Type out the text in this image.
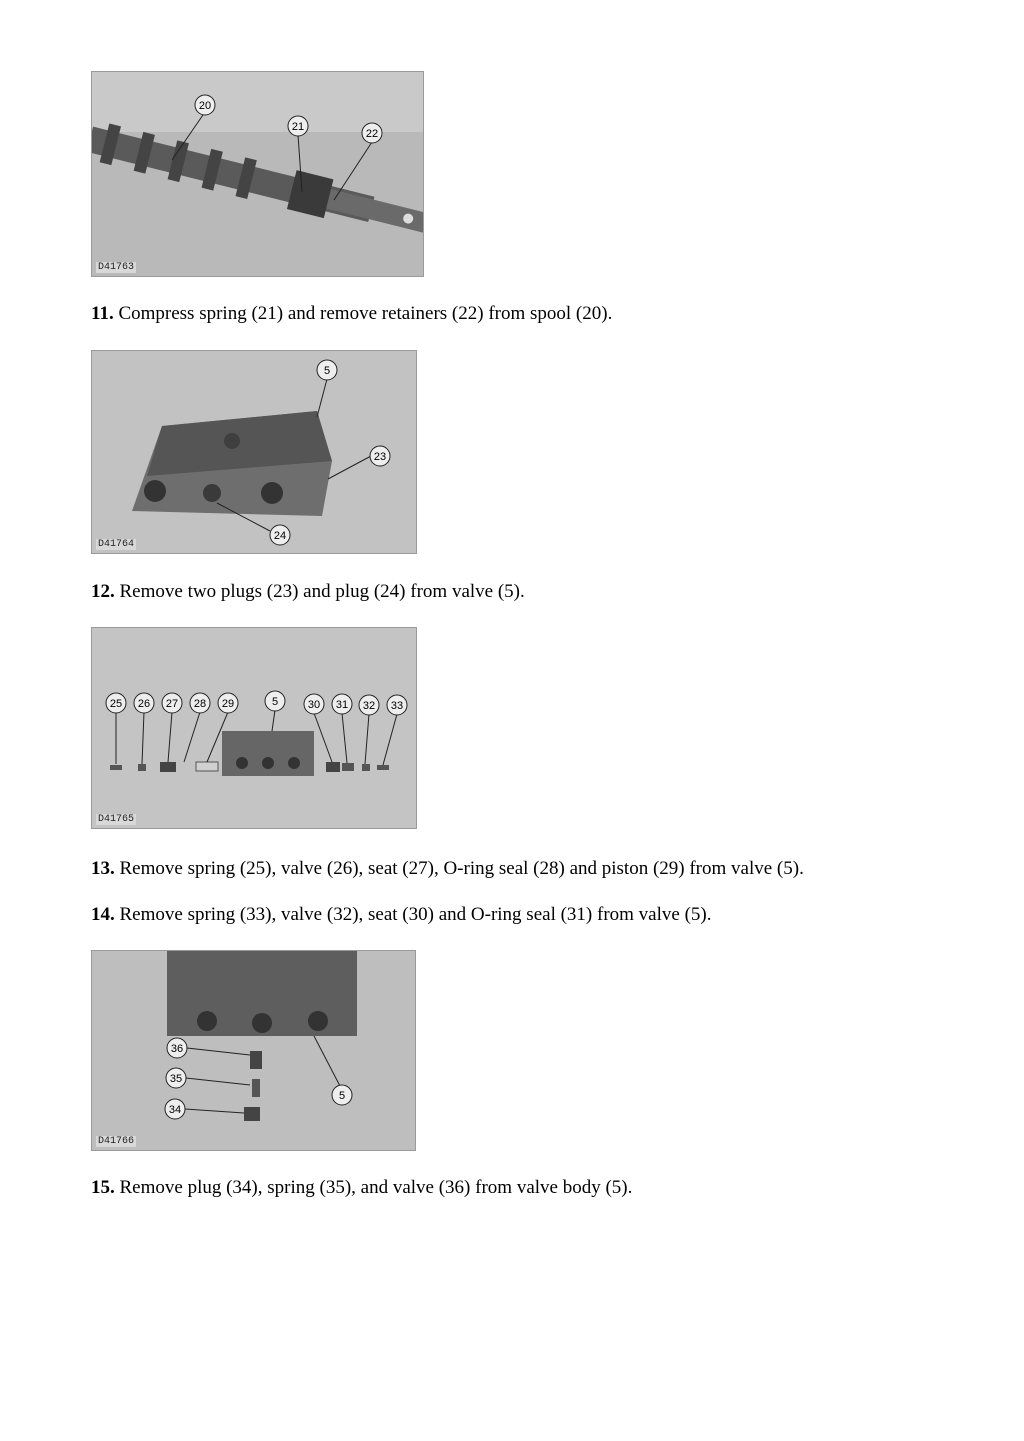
20
21
22
D41763
11. Compress spring (21) and remove retainers (22) from spool (20).
5
23
24
D41764
12. Remove two plugs (23) and plug (24) from valve (5).
25 26 27 28 29	5	30 31 32 33
D41765
13. Remove spring (25), valve (26), seat (27), O-ring seal (28) and piston (29) from valve (5).
14. Remove spring (33), valve (32), seat (30) and O-ring seal (31) from valve (5).
36
35
34
5
D41766
15. Remove plug (34), spring (35), and valve (36) from valve body (5).
